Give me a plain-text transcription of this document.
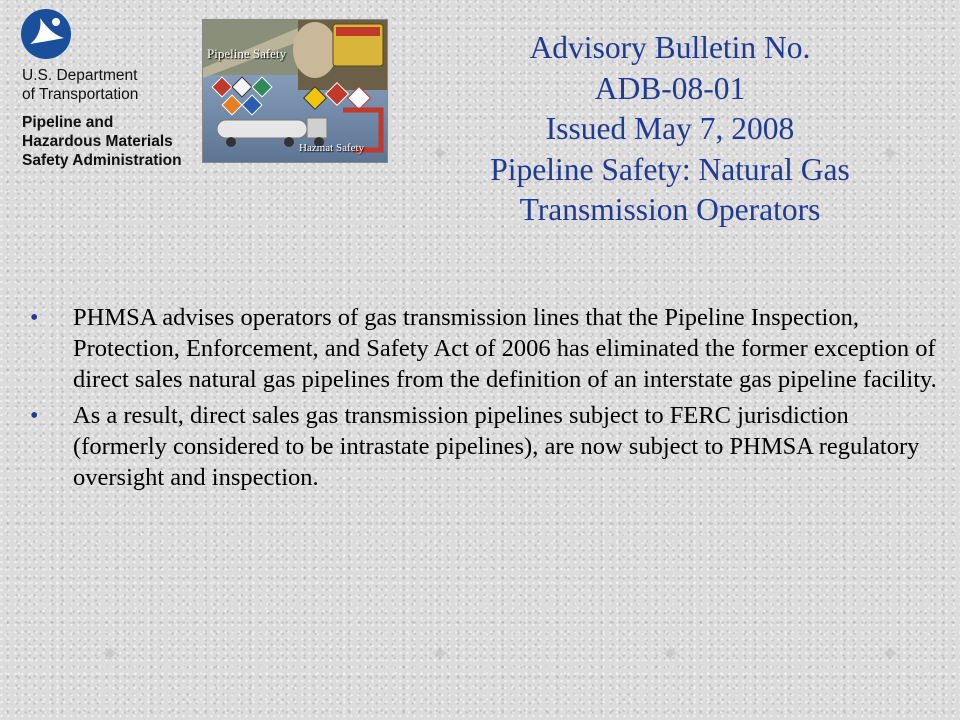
✦	✦
✦	✦
✦	✦
U.S. Department
of Transportation
Pipeline and
Hazardous Materials
Safety Administration
Pipeline Safety
Hazmat Safety
Advisory Bulletin No.
ADB-08-01
Issued May 7, 2008
Pipeline Safety: Natural Gas
Transmission Operators
• PHMSA advises operators of gas transmission lines that the Pipeline Inspection, Protection, Enforcement, and Safety Act of 2006 has eliminated the former exception of direct sales natural gas pipelines from the definition of an interstate gas pipeline facility.
• As a result, direct sales gas transmission pipelines subject to FERC jurisdiction (formerly considered to be intrastate pipelines), are now subject to PHMSA regulatory oversight and inspection.
